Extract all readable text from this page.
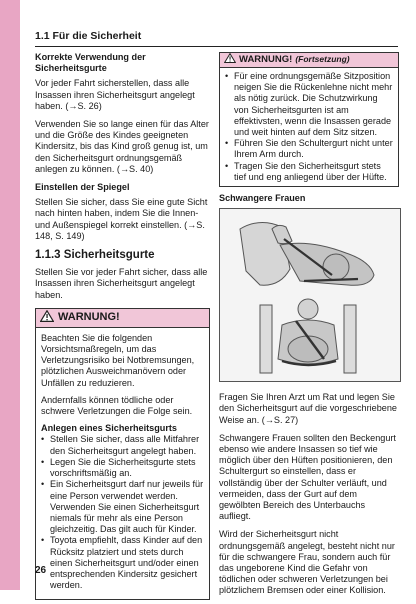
1.1 Für die Sicherheit

Korrekte Verwendung der Sicherheitsgurte

Vor jeder Fahrt sicherstellen, dass alle Insassen ihren Sicherheitsgurt angelegt haben. (→S. 26)

Verwenden Sie so lange einen für das Alter und die Größe des Kindes geeigneten Kindersitz, bis das Kind groß genug ist, um den Sicherheitsgurt ordnungsgemäß anlegen zu können. (→S. 40)

Einstellen der Spiegel

Stellen Sie sicher, dass Sie eine gute Sicht nach hinten haben, indem Sie die Innen- und Außenspiegel korrekt einstellen. (→S. 148, S. 149)

1.1.3 Sicherheitsgurte

Stellen Sie vor jeder Fahrt sicher, dass alle Insassen ihren Sicherheitsgurt angelegt haben.

WARNUNG!

Beachten Sie die folgenden Vorsichtsmaßregeln, um das Verletzungsrisiko bei Notbremsungen, plötzlichen Ausweichmanövern oder Unfällen zu reduzieren.

Andernfalls können tödliche oder schwere Verletzungen die Folge sein.

Anlegen eines Sicherheitsgurts

• Stellen Sie sicher, dass alle Mitfahrer den Sicherheitsgurt angelegt haben.
• Legen Sie die Sicherheitsgurte stets vorschriftsmäßig an.
• Ein Sicherheitsgurt darf nur jeweils für eine Person verwendet werden. Verwenden Sie einen Sicherheitsgurt niemals für mehr als eine Person gleichzeitig. Das gilt auch für Kinder.
• Toyota empfiehlt, dass Kinder auf den Rücksitz platziert und stets durch einen Sicherheitsgurt und/oder einen entsprechenden Kindersitz gesichert werden.
WARNUNG! (Fortsetzung)
• Für eine ordnungsgemäße Sitzposition neigen Sie die Rückenlehne nicht mehr als nötig zurück. Die Schutzwirkung von Sicherheitsgurten ist am effektivsten, wenn die Insassen gerade und weit hinten auf dem Sitz sitzen.
• Führen Sie den Schultergurt nicht unter Ihrem Arm durch.
• Tragen Sie den Sicherheitsgurt stets tief und eng anliegend über der Hüfte.

Schwangere Frauen

Fragen Sie Ihren Arzt um Rat und legen Sie den Sicherheitsgurt auf die vorgeschriebene Weise an. (→S. 27)

Schwangere Frauen sollten den Beckengurt ebenso wie andere Insassen so tief wie möglich über den Hüften positionieren, den Schultergurt so einstellen, dass er vollständig über der Schulter verläuft, und vermeiden, dass der Gurt auf dem gewölbten Bereich des Unterbauchs aufliegt.

Wird der Sicherheitsgurt nicht ordnungsgemäß angelegt, besteht nicht nur für die schwangere Frau, sondern auch für das ungeborene Kind die Gefahr von tödlichen oder schweren Verletzungen bei plötzlichem Bremsen oder einer Kollision.

26
